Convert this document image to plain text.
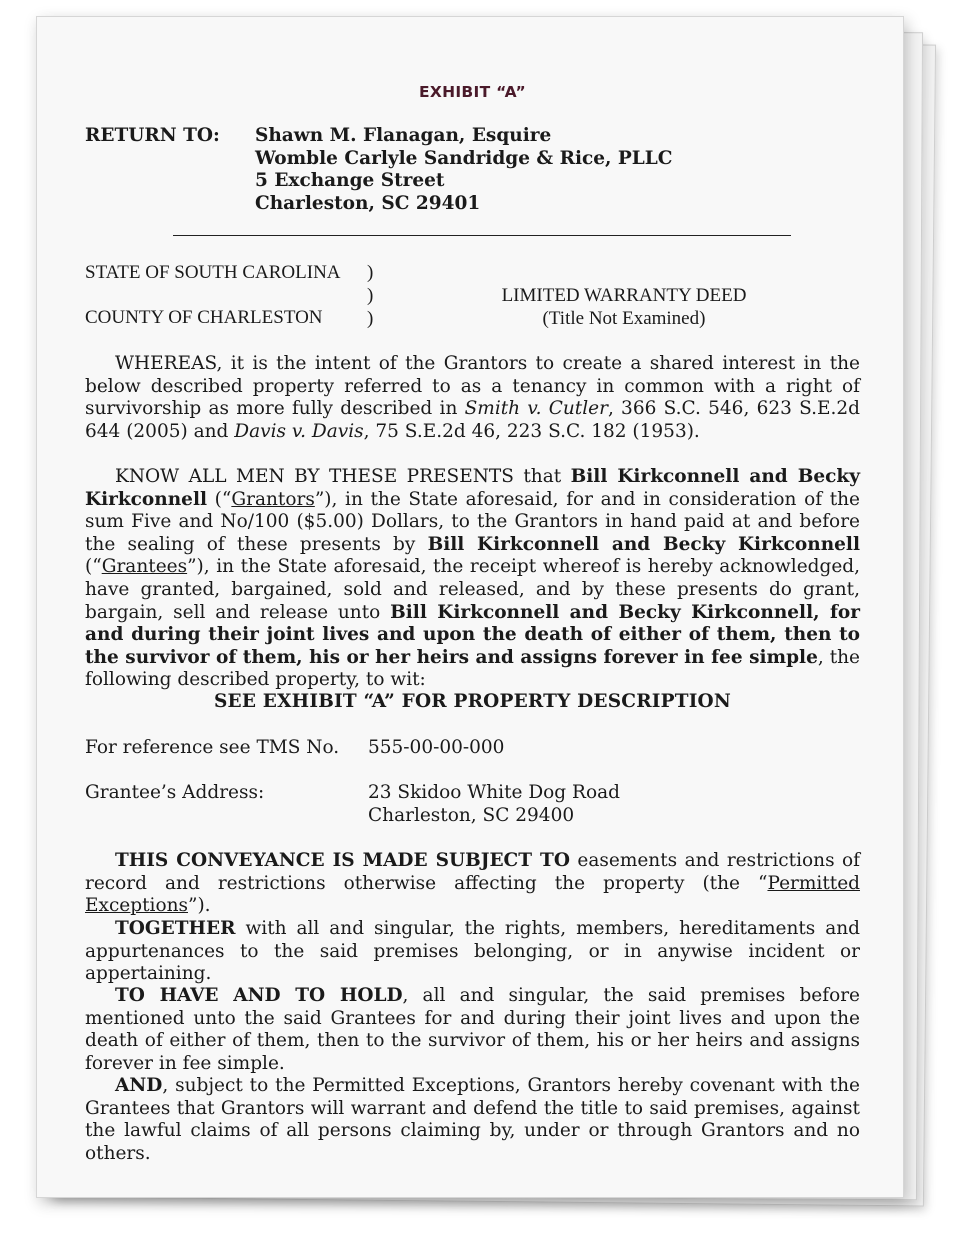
EXHIBIT “A”
RETURN TO: Shawn M. Flanagan, Esquire
Womble Carlyle Sandridge & Rice, PLLC
5 Exchange Street
Charleston, SC 29401
STATE OF SOUTH CAROLINA )
)
)
COUNTY OF CHARLESTON
LIMITED WARRANTY DEED
(Title Not Examined)
WHEREAS, it is the intent of the Grantors to create a shared interest in the below described property referred to as a tenancy in common with a right of survivorship as more fully described in Smith v. Cutler, 366 S.C. 546, 623 S.E.2d 644 (2005) and Davis v. Davis, 75 S.E.2d 46, 223 S.C. 182 (1953).
KNOW ALL MEN BY THESE PRESENTS that Bill Kirkconnell and Becky Kirkconnell (“Grantors”), in the State aforesaid, for and in consideration of the sum Five and No/100 ($5.00) Dollars, to the Grantors in hand paid at and before the sealing of these presents by Bill Kirkconnell and Becky Kirkconnell (“Grantees”), in the State aforesaid, the receipt whereof is hereby acknowledged, have granted, bargained, sold and released, and by these presents do grant, bargain, sell and release unto Bill Kirkconnell and Becky Kirkconnell, for and during their joint lives and upon the death of either of them, then to the survivor of them, his or her heirs and assigns forever in fee simple, the following described property, to wit:
SEE EXHIBIT “A” FOR PROPERTY DESCRIPTION
For reference see TMS No. 555-00-00-000
Grantee’s Address:	23 Skidoo White Dog Road
Charleston, SC 29400
THIS CONVEYANCE IS MADE SUBJECT TO easements and restrictions of record and restrictions otherwise affecting the property (the “Permitted Exceptions”).
TOGETHER with all and singular, the rights, members, hereditaments and appurtenances to the said premises belonging, or in anywise incident or appertaining.
TO HAVE AND TO HOLD, all and singular, the said premises before mentioned unto the said Grantees for and during their joint lives and upon the death of either of them, then to the survivor of them, his or her heirs and assigns forever in fee simple.
AND, subject to the Permitted Exceptions, Grantors hereby covenant with the Grantees that Grantors will warrant and defend the title to said premises, against the lawful claims of all persons claiming by, under or through Grantors and no others.
